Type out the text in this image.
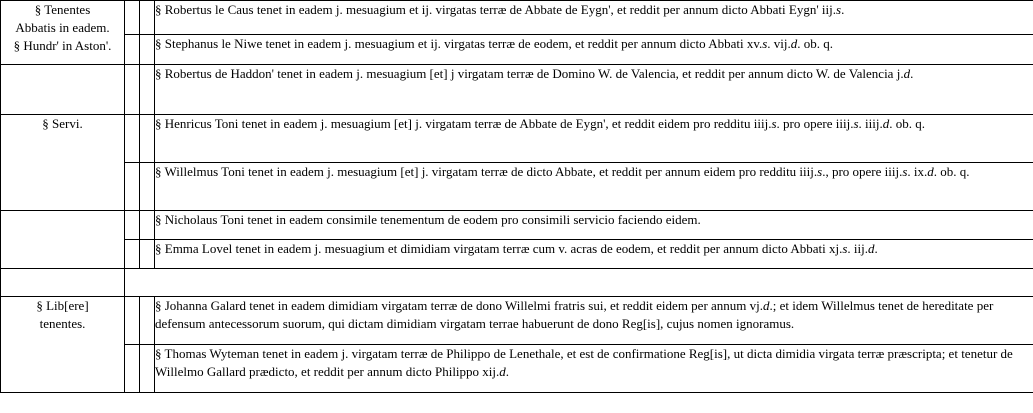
§ Tenentes
Abbatis in eadem.
§ Hundr' in Aston'.			§ Robertus le Caus tenet in eadem j. mesuagium et ij. virgatas terræ de Abbate de Eygn', et reddit per annum dicto Abbati Eygn' iij.s.
			§ Stephanus le Niwe tenet in eadem j. mesuagium et ij. virgatas terræ de eodem, et reddit per annum dicto Abbati xv.s. vij.d. ob. q.
			§ Robertus de Haddon' tenet in eadem j. mesuagium [et] j virgatam terræ de Domino W. de Valencia, et reddit per annum dicto W. de Valencia j.d.
§ Servi.			§ Henricus Toni tenet in eadem j. mesuagium [et] j. virgatam terræ de Abbate de Eygn', et reddit eidem pro redditu iiij.s. pro opere iiij.s. iiij.d. ob. q.
			§ Willelmus Toni tenet in eadem j. mesuagium [et] j. virgatam terræ de dicto Abbate, et reddit per annum eidem pro redditu iiij.s., pro opere iiij.s. ix.d. ob. q.
			§ Nicholaus Toni tenet in eadem consimile tenementum de eodem pro consimili servicio faciendo eidem.
			§ Emma Lovel tenet in eadem j. mesuagium et dimidiam virgatam terræ cum v. acras de eodem, et reddit per annum dicto Abbati xj.s. iij.d.

§ Lib[ere]
tenentes.			§ Johanna Galard tenet in eadem dimidiam virgatam terræ de dono Willelmi fratris sui, et reddit eidem per annum vj.d.; et idem Willelmus tenet de hereditate per defensum antecessorum suorum, qui dictam dimidiam virgatam terrae habuerunt de dono Reg[is], cujus nomen ignoramus.
			§ Thomas Wyteman tenet in eadem j. virgatam terræ de Philippo de Lenethale, et est de confirmatione Reg[is], ut dicta dimidia virgata terræ præscripta; et tenetur de Willelmo Gallard prædicto, et reddit per annum dicto Philippo xij.d.
